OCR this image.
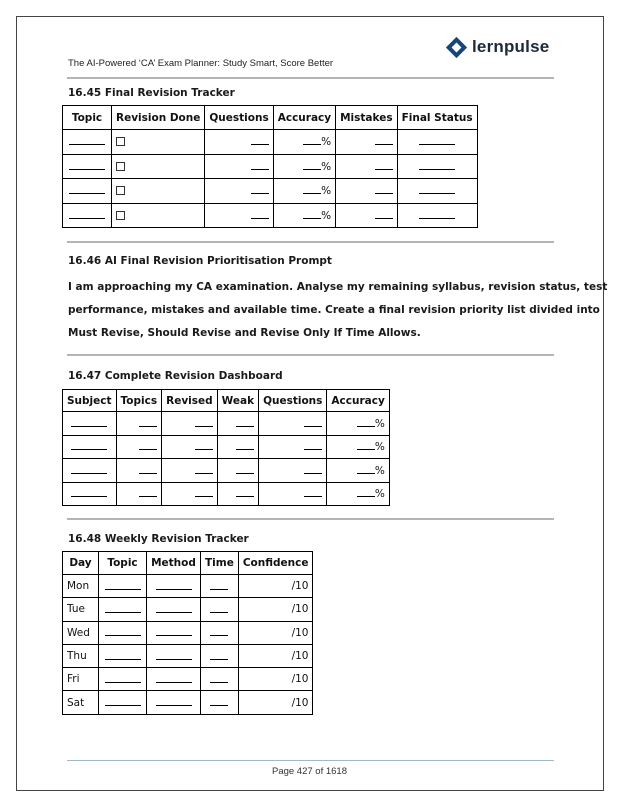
lernpulse
The AI-Powered ‘CA’ Exam Planner: Study Smart, Score Better
16.45 Final Revision Tracker
Topic	Revision Done	Questions	Accuracy	Mistakes	Final Status
			%		
			%		
			%		
			%		
16.46 AI Final Revision Prioritisation Prompt
I am approaching my CA examination. Analyse my remaining syllabus, revision status, test
performance, mistakes and available time. Create a final revision priority list divided into
Must Revise, Should Revise and Revise Only If Time Allows.
16.47 Complete Revision Dashboard
Subject	Topics	Revised	Weak	Questions	Accuracy
					%
					%
					%
					%
16.48 Weekly Revision Tracker
Day	Topic	Method	Time	Confidence
Mon				/10
Tue				/10
Wed				/10
Thu				/10
Fri				/10
Sat				/10
Page 427 of 1618
